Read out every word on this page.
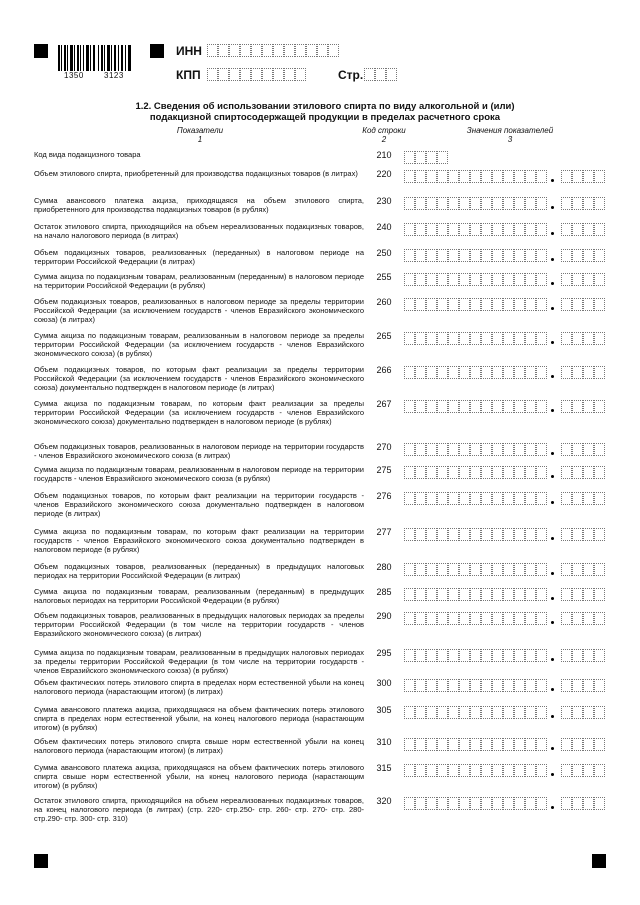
1350	3123
ИНН
КПП	Стр.
1.2. Сведения об использовании этилового спирта по виду алкогольной и (или)
подакцизной спиртосодержащей продукции в пределах расчетного срока
Показатели
1
Код строки
2
Значения показателей
3
Код вида подакцизного товара	210
Объем этилового спирта, приобретенный для производства подакцизных товаров (в литрах)	220
Сумма авансового платежа акциза, приходящаяся на объем этилового спирта, приобретенного для производства подакцизных товаров (в рублях)
230
Остаток этилового спирта, приходящийся на объем нереализованных подакцизных товаров, на начало налогового периода (в литрах)
240
Объем подакцизных товаров, реализованных (переданных) в налоговом периоде на территории Российской Федерации (в литрах)
250
Сумма акциза по подакцизным товарам, реализованным (переданным) в налоговом периоде на территории Российской Федерации (в рублях)
255
Объем подакцизных товаров, реализованных в налоговом периоде за пределы территории Российской Федерации (за исключением государств - членов Евразийского экономического союза) (в литрах)
260
Сумма акциза по подакцизным товарам, реализованным в налоговом периоде за пределы территории Российской Федерации (за исключением государств - членов Евразийского экономического союза) (в рублях)
265
Объем подакцизных товаров, по которым факт реализации за пределы территории Российской Федерации (за исключением государств - членов Евразийского экономического союза) документально подтвержден в налоговом периоде (в литрах)
266
Сумма акциза по подакцизным товарам, по которым факт реализации за пределы территории Российской Федерации (за исключением государств - членов Евразийского экономического союза) документально подтвержден в налоговом периоде (в рублях)
267
Объем подакцизных товаров, реализованных в налоговом периоде на территории государств - членов Евразийского экономического союза (в литрах)
270
Сумма акциза по подакцизным товарам, реализованным в налоговом периоде на территории государств - членов Евразийского экономического союза (в рублях)
275
Объем подакцизных товаров, по которым факт реализации на территории государств - членов Евразийского экономического союза документально подтвержден в налоговом периоде (в литрах)
276
Сумма акциза по подакцизным товарам, по которым факт реализации на территории государств - членов Евразийского экономического союза документально подтвержден в налоговом периоде (в рублях)
277
Объем подакцизных товаров, реализованных (переданных) в предыдущих налоговых периодах на территории Российской Федерации (в литрах)
280
Сумма акциза по подакцизным товарам, реализованным (переданным) в предыдущих налоговых периодах на территории Российской Федерации (в рублях)
285
Объем подакцизных товаров, реализованных в предыдущих налоговых периодах за пределы территории Российской Федерации (в том числе на территории государств - членов Евразийского экономического союза) (в литрах)
290
Сумма акциза по подакцизным товарам, реализованным в предыдущих налоговых периодах за пределы территории Российской Федерации (в том числе на территории государств - членов Евразийского экономического союза) (в рублях)
295
Объем фактических потерь этилового спирта в пределах норм естественной убыли на конец налогового периода (нарастающим итогом) (в литрах)
300
Сумма авансового платежа акциза, приходящаяся на объем фактических потерь этилового спирта в пределах норм естественной убыли, на конец налогового периода (нарастающим итогом) (в рублях)
305
Объем фактических потерь этилового спирта свыше норм естественной убыли на конец налогового периода (нарастающим итогом) (в литрах)
310
Сумма авансового платежа акциза, приходящаяся на объем фактических потерь этилового спирта свыше норм естественной убыли, на конец налогового периода (нарастающим итогом) (в рублях)
315
Остаток этилового спирта, приходящийся на объем нереализованных подакцизных товаров, на конец налогового периода (в литрах) (стр. 220- стр.250- стр. 260- стр. 270- стр. 280- стр.290- стр. 300- стр. 310)
320
